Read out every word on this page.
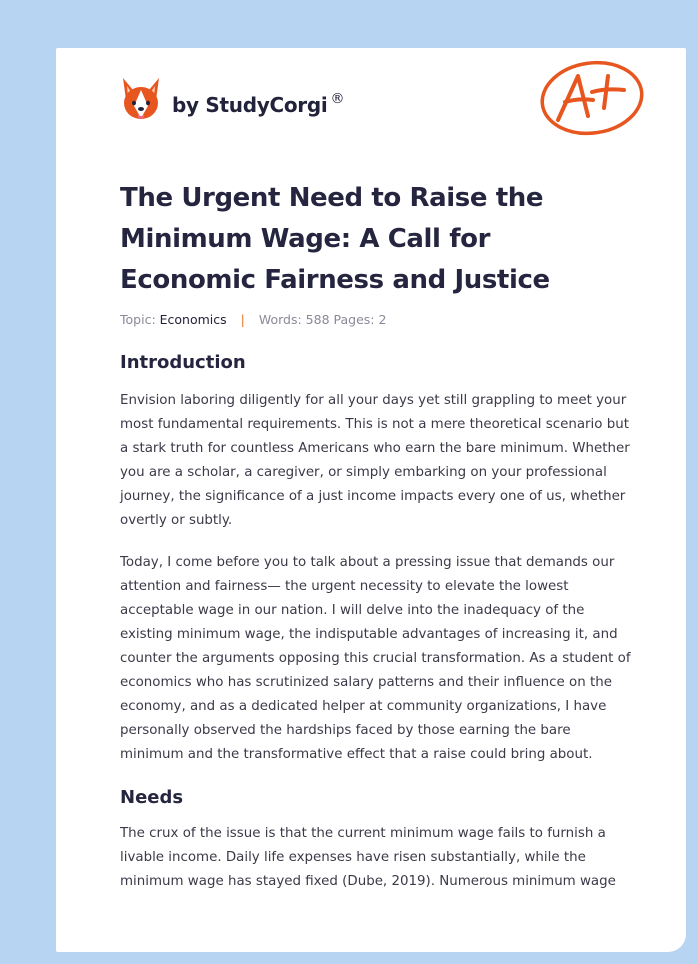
by StudyCorgi ®
The Urgent Need to Raise the Minimum Wage: A Call for Economic Fairness and Justice
Topic: Economics | Words: 588 Pages: 2
Introduction

Envision laboring diligently for all your days yet still grappling to meet your most fundamental requirements. This is not a mere theoretical scenario but a stark truth for countless Americans who earn the bare minimum. Whether you are a scholar, a caregiver, or simply embarking on your professional journey, the significance of a just income impacts every one of us, whether overtly or subtly.

Today, I come before you to talk about a pressing issue that demands our attention and fairness— the urgent necessity to elevate the lowest acceptable wage in our nation. I will delve into the inadequacy of the existing minimum wage, the indisputable advantages of increasing it, and counter the arguments opposing this crucial transformation. As a student of economics who has scrutinized salary patterns and their influence on the economy, and as a dedicated helper at community organizations, I have personally observed the hardships faced by those earning the bare minimum and the transformative effect that a raise could bring about.

Needs

The crux of the issue is that the current minimum wage fails to furnish a livable income. Daily life expenses have risen substantially, while the minimum wage has stayed fixed (Dube, 2019). Numerous minimum wage
